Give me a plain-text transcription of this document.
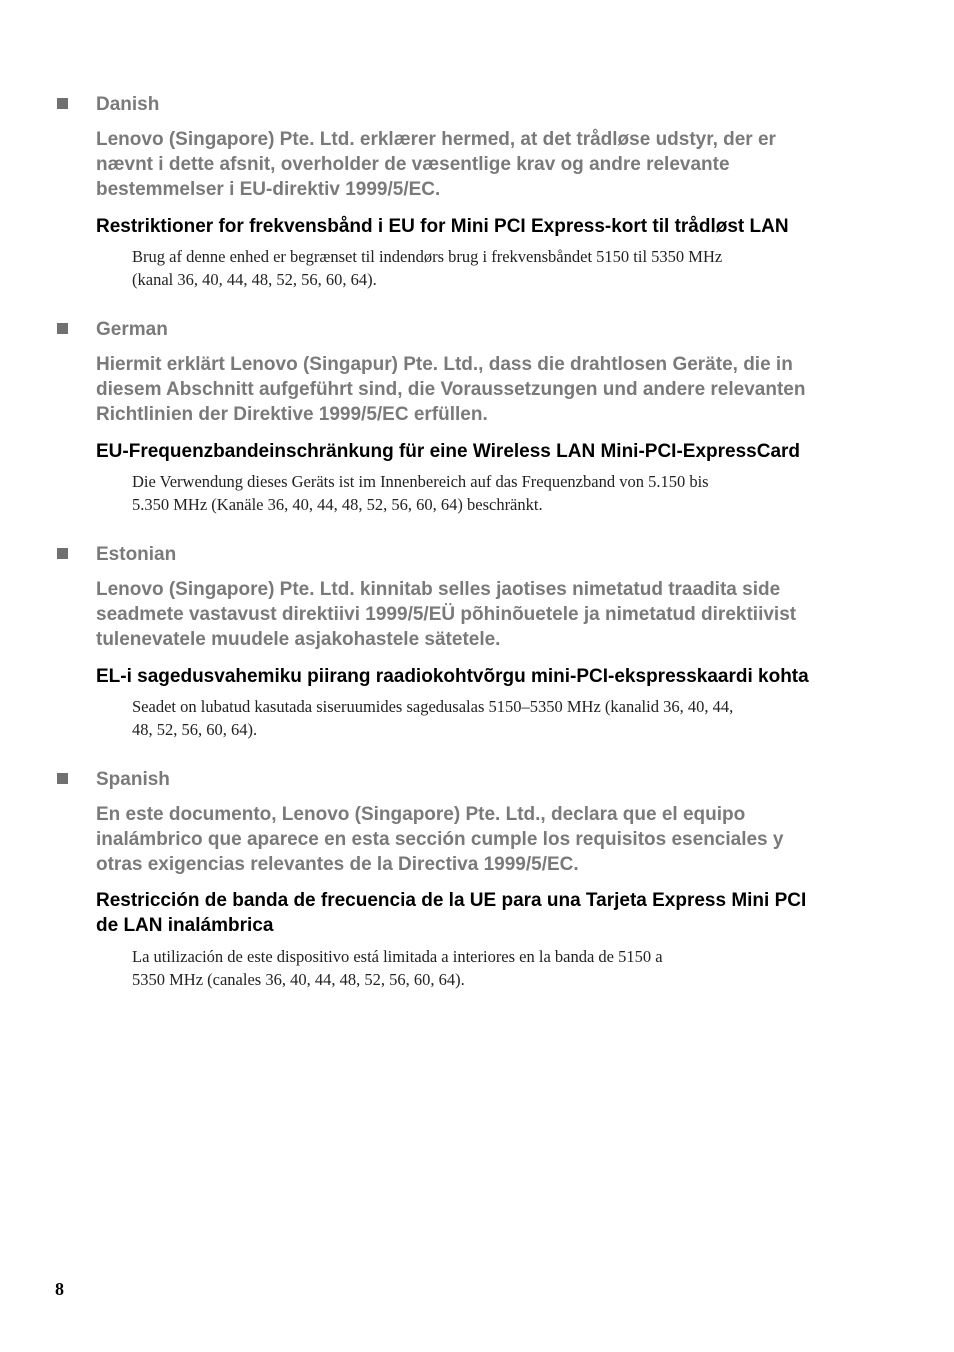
Danish
Lenovo (Singapore) Pte. Ltd. erklærer hermed, at det trådløse udstyr, der er
nævnt i dette afsnit, overholder de væsentlige krav og andre relevante
bestemmelser i EU-direktiv 1999/5/EC.
Restriktioner for frekvensbånd i EU for Mini PCI Express-kort til trådløst LAN
Brug af denne enhed er begrænset til indendørs brug i frekvensbåndet 5150 til 5350 MHz
(kanal 36, 40, 44, 48, 52, 56, 60, 64).
German
Hiermit erklärt Lenovo (Singapur) Pte. Ltd., dass die drahtlosen Geräte, die in
diesem Abschnitt aufgeführt sind, die Voraussetzungen und andere relevanten
Richtlinien der Direktive 1999/5/EC erfüllen.
EU-Frequenzbandeinschränkung für eine Wireless LAN Mini-PCI-ExpressCard
Die Verwendung dieses Geräts ist im Innenbereich auf das Frequenzband von 5.150 bis
5.350 MHz (Kanäle 36, 40, 44, 48, 52, 56, 60, 64) beschränkt.
Estonian
Lenovo (Singapore) Pte. Ltd. kinnitab selles jaotises nimetatud traadita side
seadmete vastavust direktiivi 1999/5/EÜ põhinõuetele ja nimetatud direktiivist
tulenevatele muudele asjakohastele sätetele.
EL-i sagedusvahemiku piirang raadiokohtvõrgu mini-PCI-ekspresskaardi kohta
Seadet on lubatud kasutada siseruumides sagedusalas 5150–5350 MHz (kanalid 36, 40, 44,
48, 52, 56, 60, 64).
Spanish
En este documento, Lenovo (Singapore) Pte. Ltd., declara que el equipo
inalámbrico que aparece en esta sección cumple los requisitos esenciales y
otras exigencias relevantes de la Directiva 1999/5/EC.
Restricción de banda de frecuencia de la UE para una Tarjeta Express Mini PCI
de LAN inalámbrica
La utilización de este dispositivo está limitada a interiores en la banda de 5150 a
5350 MHz (canales 36, 40, 44, 48, 52, 56, 60, 64).
8
